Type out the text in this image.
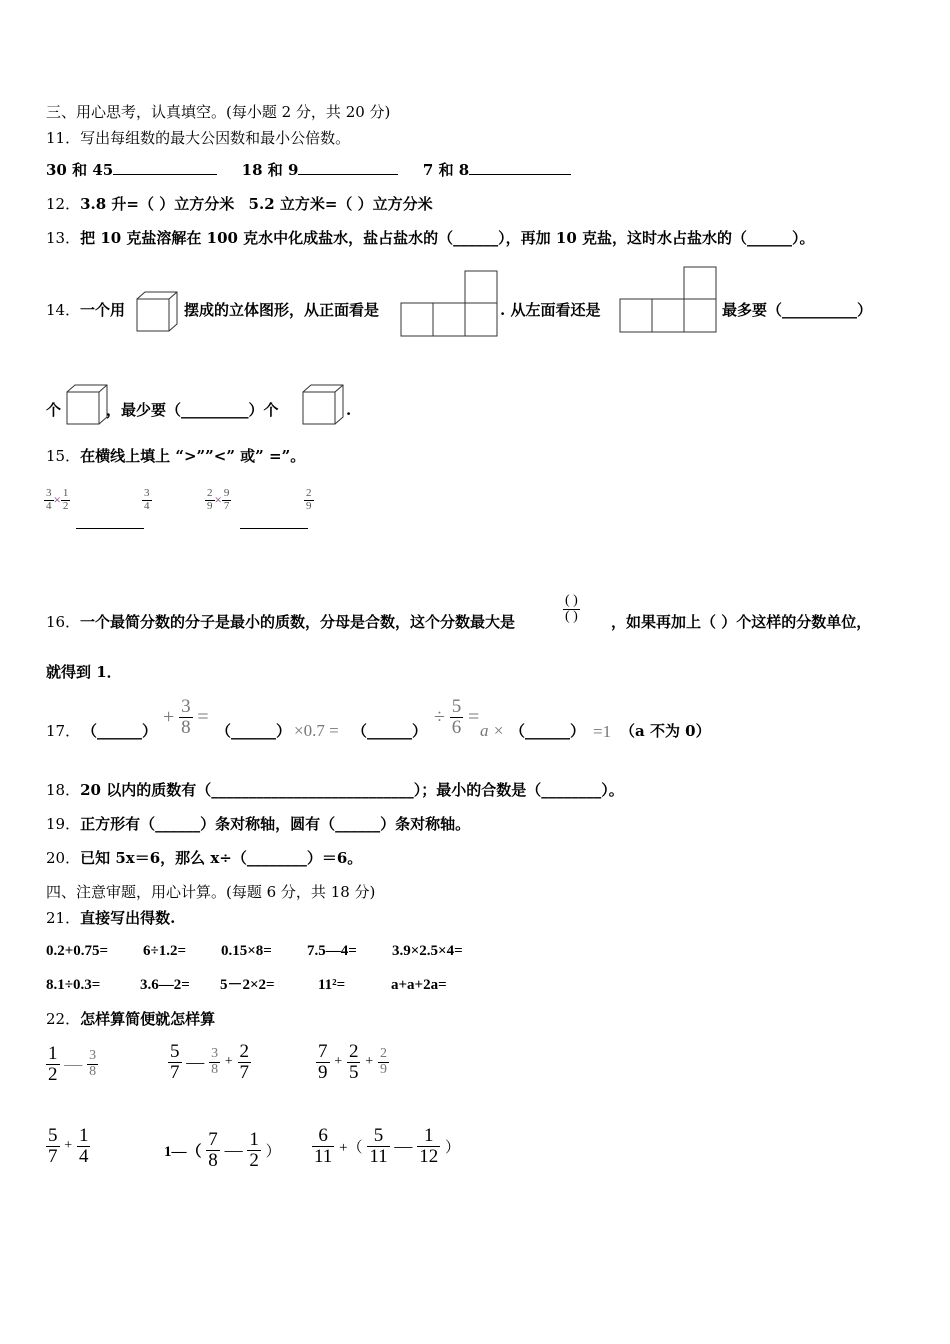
三、用心思考，认真填空。(每小题 2 分，共 20 分)
11．写出每组数的最大公因数和最小公倍数。
30 和 45	18 和 9	7 和 8
12．3.8 升=（ ）立方分米 5.2 立方米=（ ）立方分米
13．把 10 克盐溶解在 100 克水中化成盐水，盐占盐水的（______），再加 10 克盐，这时水占盐水的（______）。
14． 一个用	摆成的立体图形，从正面看是	. 从左面看还是	最多要（__________）
个	，最少要（_________）个	.
15．在横线上填上 “>””<” 或” =”。
$\frac{3}{4} \times \frac{1}{2}$	$\frac{3}{4}$	$\frac{2}{9} \times \frac{9}{7}$	$\frac{2}{9}$
16． 一个最简分数的分子是最小的质数，分母是合数，这个分数最大是	$\frac{( )}{( )}$ ，如果再加上（ ）个这样的分数单位，
就得到 1．
17． （______）
+ $\frac{3}{8}$ =
（______） ×0.7 = （______）
÷ $\frac{5}{6}$ =
a × （______） =1 （a 不为 0）
18．20 以内的质数有（___________________________）；最小的合数是（________）。
19．正方形有（______）条对称轴，圆有（______）条对称轴。
20．已知 5x＝6，那么 x÷（________）＝6。
四、注意审题，用心计算。(每题 6 分，共 18 分)
21．直接写出得数.
0.2+0.75= 6÷1.2= 0.15×8= 7.5—4= 3.9×2.5×4=
8.1÷0.3=	3.6—2= 5－2×2=	11²=	a+a+2a=
22．怎样算简便就怎样算
$\frac{1}{2}$ — $\frac{3}{8}$	$\frac{5}{7}$ — $\frac{3}{8} + \frac{2}{7}$	$\frac{7}{9} + \frac{2}{5} + \frac{2}{9}$
$\frac{5}{7} + \frac{1}{4}$	1—（ $\frac{7}{8}$ — $\frac{1}{2}$ ） $\frac{6}{11}$ +（ $\frac{5}{11}$ — $\frac{1}{12}$ ）
